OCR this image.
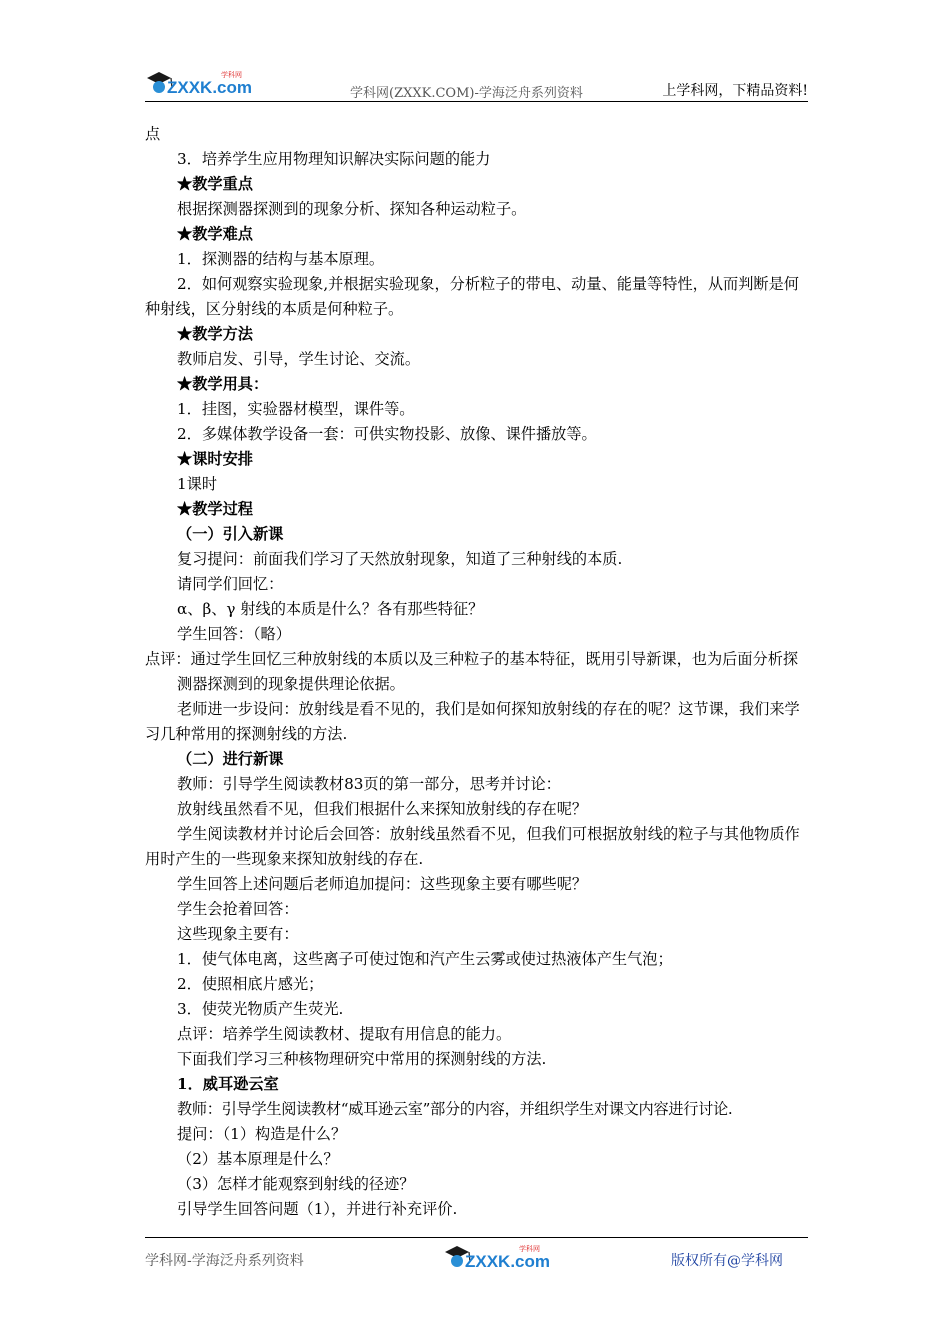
ZXXK.com
学科网
学科网(ZXXK.COM)-学海泛舟系列资料	上学科网，下精品资料!

点

3．培养学生应用物理知识解决实际问题的能力

★教学重点

根据探测器探测到的现象分析、探知各种运动粒子。

★教学难点

1．探测器的结构与基本原理。

2．如何观察实验现象,并根据实验现象，分析粒子的带电、动量、能量等特性，从而判断是何种射线，区分射线的本质是何种粒子。

★教学方法

教师启发、引导，学生讨论、交流。

★教学用具：

1．挂图，实验器材模型，课件等。

2．多媒体教学设备一套：可供实物投影、放像、课件播放等。

★课时安排

1课时

★教学过程

（一）引入新课

复习提问：前面我们学习了天然放射现象，知道了三种射线的本质.

请同学们回忆：

α、β、γ 射线的本质是什么？各有那些特征？

学生回答：（略）

点评：通过学生回忆三种放射线的本质以及三种粒子的基本特征，既用引导新课，也为后面分析探测器探测到的现象提供理论依据。

老师进一步设问：放射线是看不见的，我们是如何探知放射线的存在的呢？这节课，我们来学习几种常用的探测射线的方法.

（二）进行新课

教师：引导学生阅读教材83页的第一部分，思考并讨论：

放射线虽然看不见，但我们根据什么来探知放射线的存在呢？

学生阅读教材并讨论后会回答：放射线虽然看不见，但我们可根据放射线的粒子与其他物质作用时产生的一些现象来探知放射线的存在.

学生回答上述问题后老师追加提问：这些现象主要有哪些呢？

学生会抢着回答：

这些现象主要有：

1．使气体电离，这些离子可使过饱和汽产生云雾或使过热液体产生气泡；

2．使照相底片感光；

3．使荧光物质产生荧光.

点评：培养学生阅读教材、提取有用信息的能力。

下面我们学习三种核物理研究中常用的探测射线的方法.

1．威耳逊云室

教师：引导学生阅读教材“威耳逊云室”部分的内容，并组织学生对课文内容进行讨论.

提问：（1）构造是什么？

（2）基本原理是什么？

（3）怎样才能观察到射线的径迹？

引导学生回答问题（1），并进行补充评价.

学科网-学海泛舟系列资料	ZXXK.com
学科网
版权所有@学科网
